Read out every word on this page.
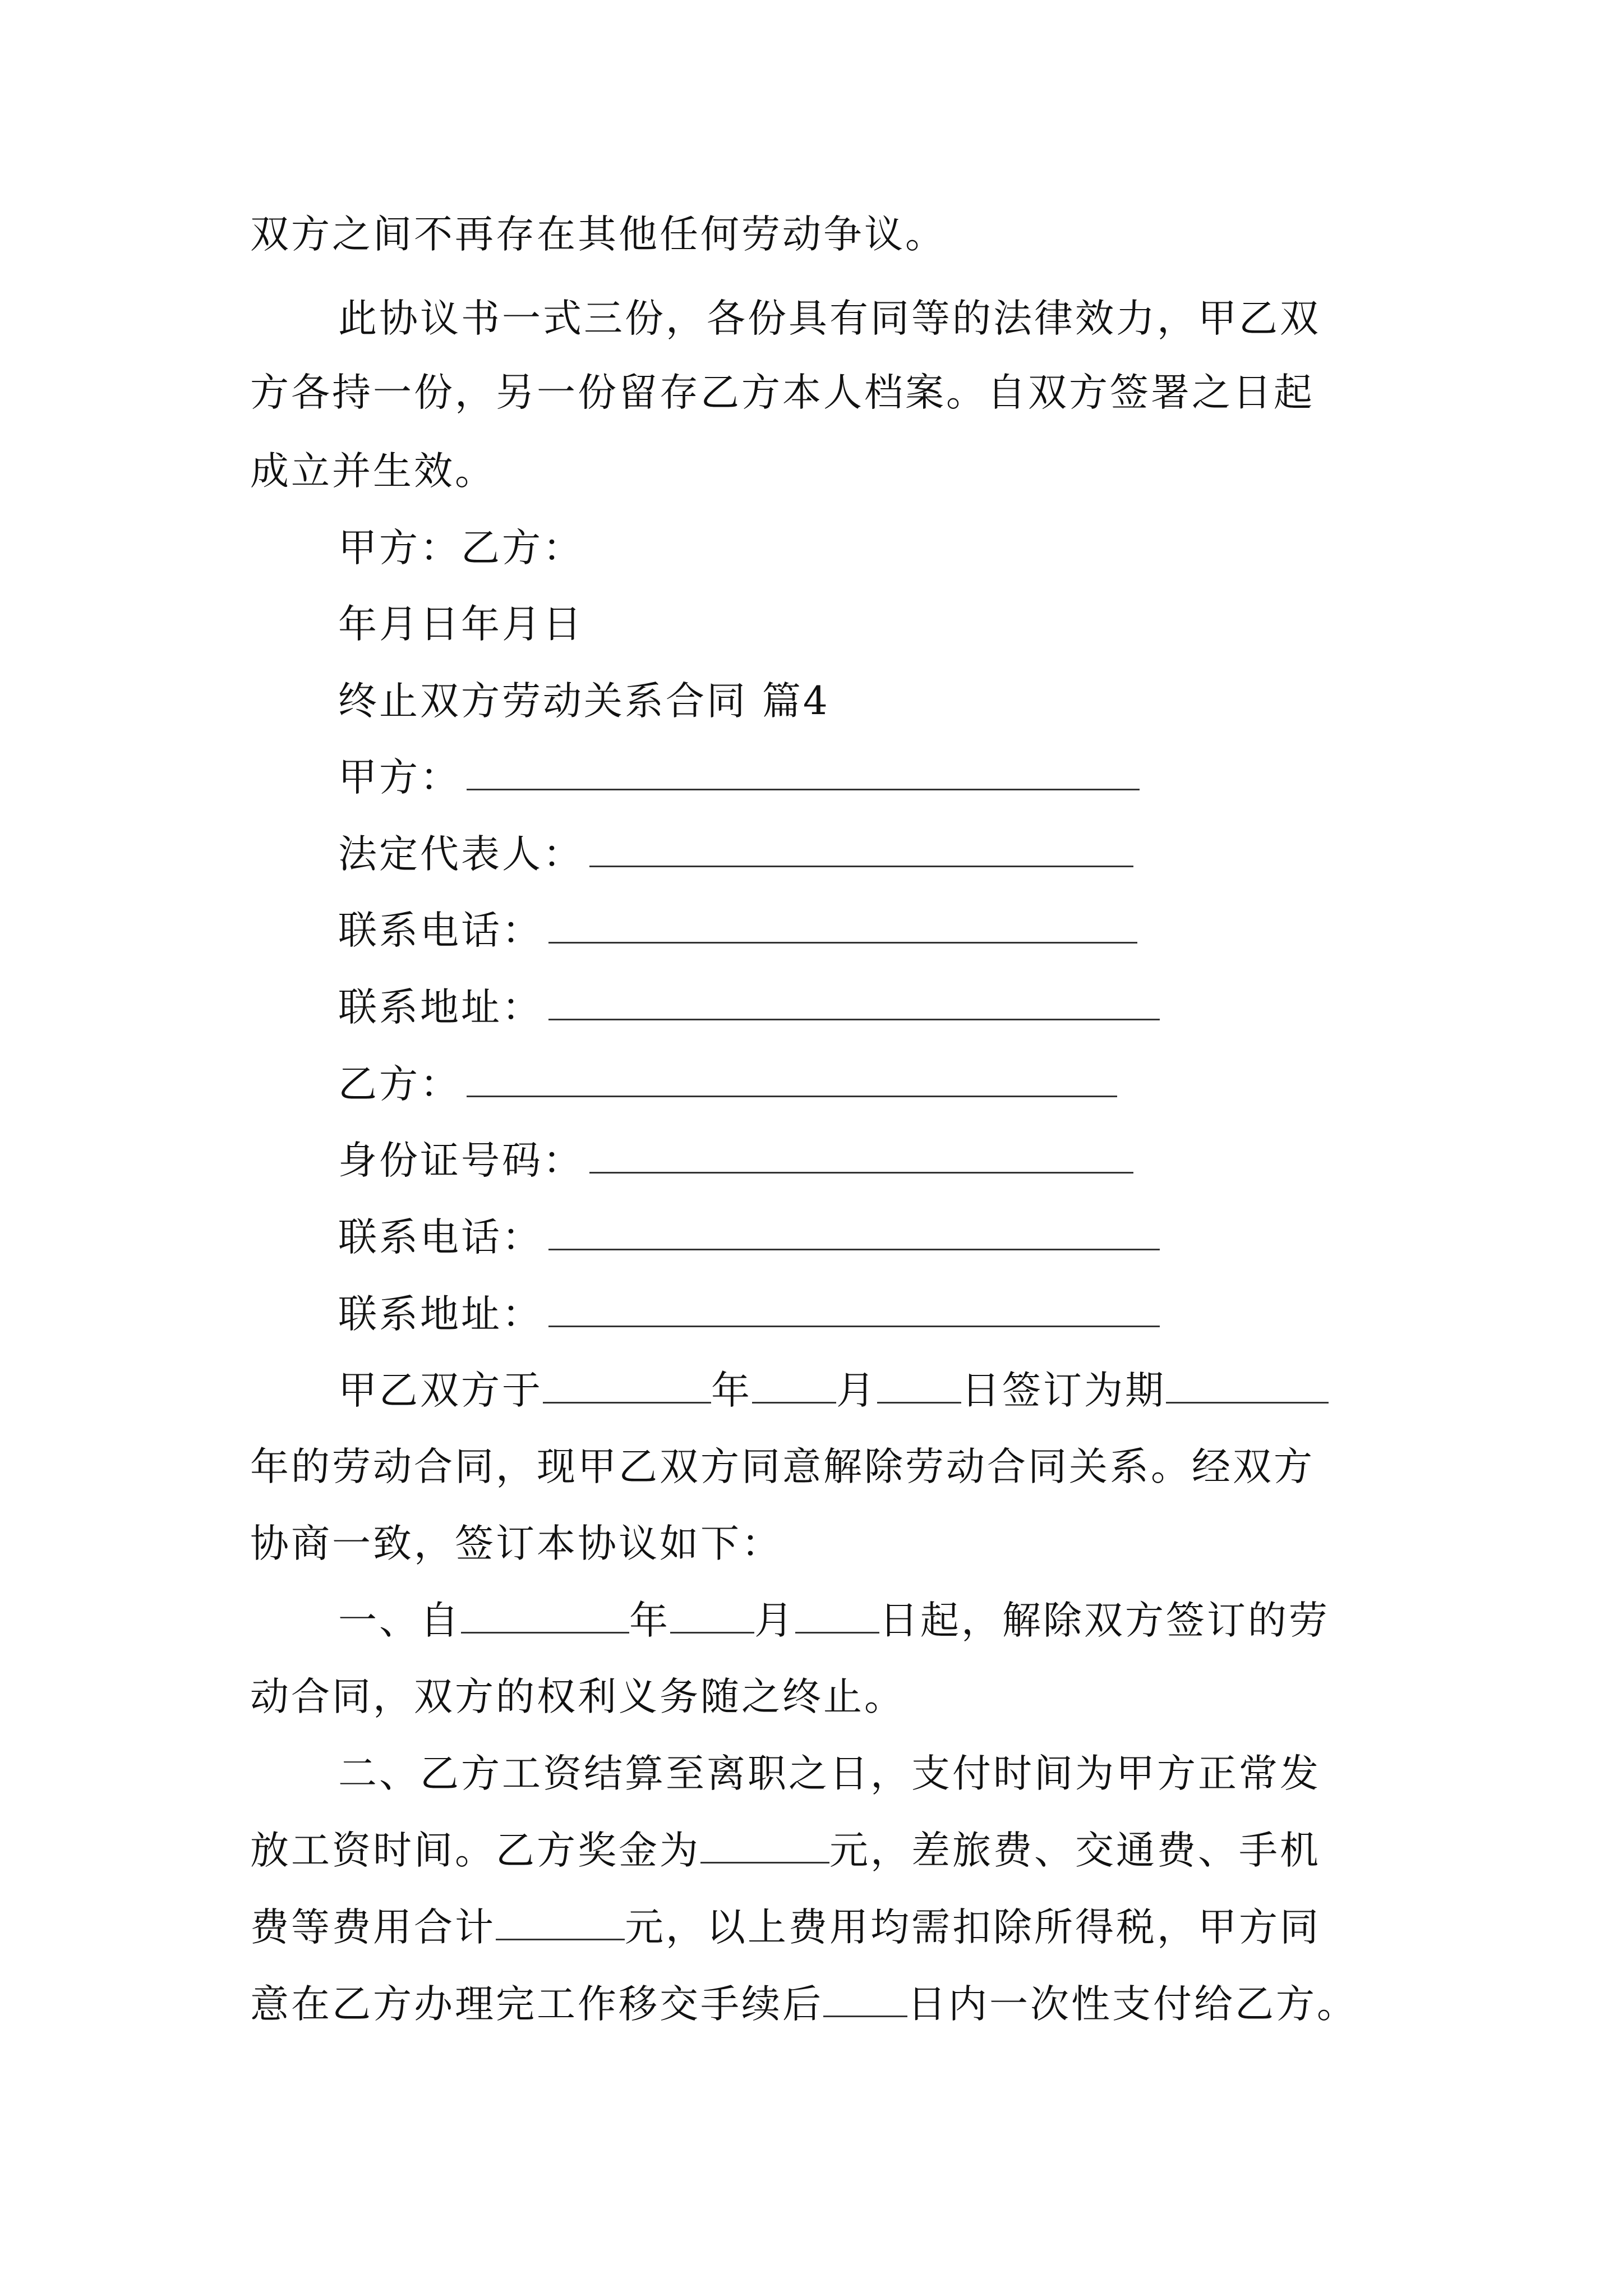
双方之间不再存在其他任何劳动争议。
此协议书一式三份，各份具有同等的法律效力，甲乙双
方各持一份，另一份留存乙方本人档案。自双方签署之日起
成立并生效。
甲方：乙方：
年月日年月日
终止双方劳动关系合同 篇4
甲方：
法定代表人：
联系电话：
联系地址：
乙方：
身份证号码：
联系电话：
联系地址：
甲乙双方于	年 月 日签订为期
年的劳动合同，现甲乙双方同意解除劳动合同关系。经双方
协商一致，签订本协议如下：
一、自	年 月 日起，解除双方签订的劳
动合同，双方的权利义务随之终止。
二、乙方工资结算至离职之日，支付时间为甲方正常发
放工资时间。乙方奖金为	元，差旅费、交通费、手机
费等费用合计	元，以上费用均需扣除所得税，甲方同
意在乙方办理完工作移交手续后 日内一次性支付给乙方。
